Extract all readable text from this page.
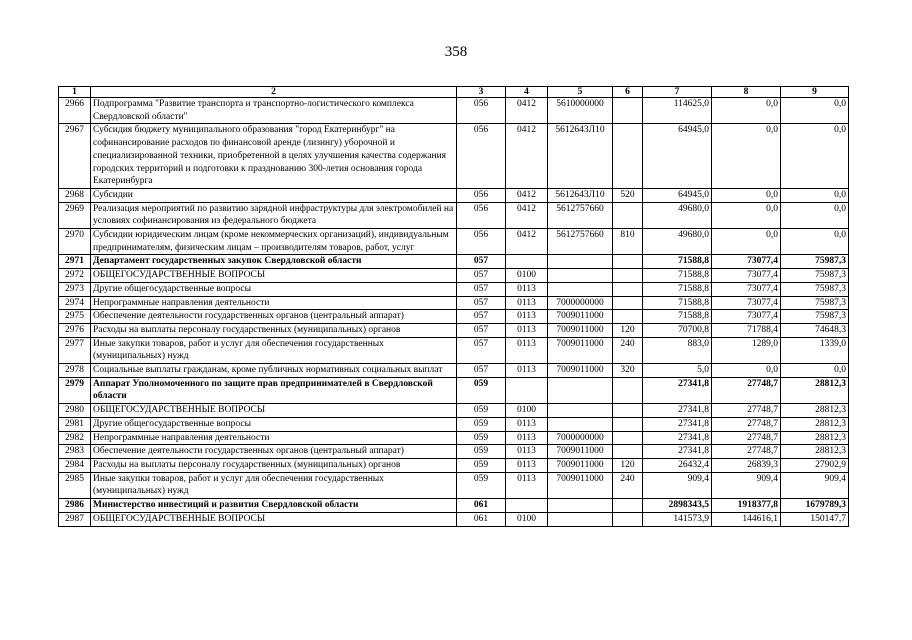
358
1	2	3	4	5	6	7	8	9
2966	Подпрограмма "Развитие транспорта и транспортно-логистического комплекса Свердловской области"	056	0412	5610000000		114625,0	0,0	0,0
2967	Субсидия бюджету муниципального образования "город Екатеринбург" на софинансирование расходов по финансовой аренде (лизингу) уборочной и специализированной техники, приобретенной в целях улучшения качества содержания городских территорий и подготовки к празднованию 300-летия основания города Екатеринбурга	056	0412	5612643Л10		64945,0	0,0	0,0
2968	Субсидии	056	0412	5612643Л10	520	64945,0	0,0	0,0
2969	Реализация мероприятий по развитию зарядной инфраструктуры для электромобилей на условиях софинансирования из федерального бюджета	056	0412	5612757660		49680,0	0,0	0,0
2970	Субсидии юридическим лицам (кроме некоммерческих организаций), индивидуальным предпринимателям, физическим лицам – производителям товаров, работ, услуг	056	0412	5612757660	810	49680,0	0,0	0,0
2971	Департамент государственных закупок Свердловской области	057				71588,8	73077,4	75987,3
2972	ОБЩЕГОСУДАРСТВЕННЫЕ ВОПРОСЫ	057	0100			71588,8	73077,4	75987,3
2973	Другие общегосударственные вопросы	057	0113			71588,8	73077,4	75987,3
2974	Непрограммные направления деятельности	057	0113	7000000000		71588,8	73077,4	75987,3
2975	Обеспечение деятельности государственных органов (центральный аппарат)	057	0113	7009011000		71588,8	73077,4	75987,3
2976	Расходы на выплаты персоналу государственных (муниципальных) органов	057	0113	7009011000	120	70700,8	71788,4	74648,3
2977	Иные закупки товаров, работ и услуг для обеспечения государственных (муниципальных) нужд	057	0113	7009011000	240	883,0	1289,0	1339,0
2978	Социальные выплаты гражданам, кроме публичных нормативных социальных выплат	057	0113	7009011000	320	5,0	0,0	0,0
2979	Аппарат Уполномоченного по защите прав предпринимателей в Свердловской области	059				27341,8	27748,7	28812,3
2980	ОБЩЕГОСУДАРСТВЕННЫЕ ВОПРОСЫ	059	0100			27341,8	27748,7	28812,3
2981	Другие общегосударственные вопросы	059	0113			27341,8	27748,7	28812,3
2982	Непрограммные направления деятельности	059	0113	7000000000		27341,8	27748,7	28812,3
2983	Обеспечение деятельности государственных органов (центральный аппарат)	059	0113	7009011000		27341,8	27748,7	28812,3
2984	Расходы на выплаты персоналу государственных (муниципальных) органов	059	0113	7009011000	120	26432,4	26839,3	27902,9
2985	Иные закупки товаров, работ и услуг для обеспечения государственных (муниципальных) нужд	059	0113	7009011000	240	909,4	909,4	909,4
2986	Министерство инвестиций и развития Свердловской области	061				2898343,5	1918377,8	1679789,3
2987	ОБЩЕГОСУДАРСТВЕННЫЕ ВОПРОСЫ	061	0100			141573,9	144616,1	150147,7
